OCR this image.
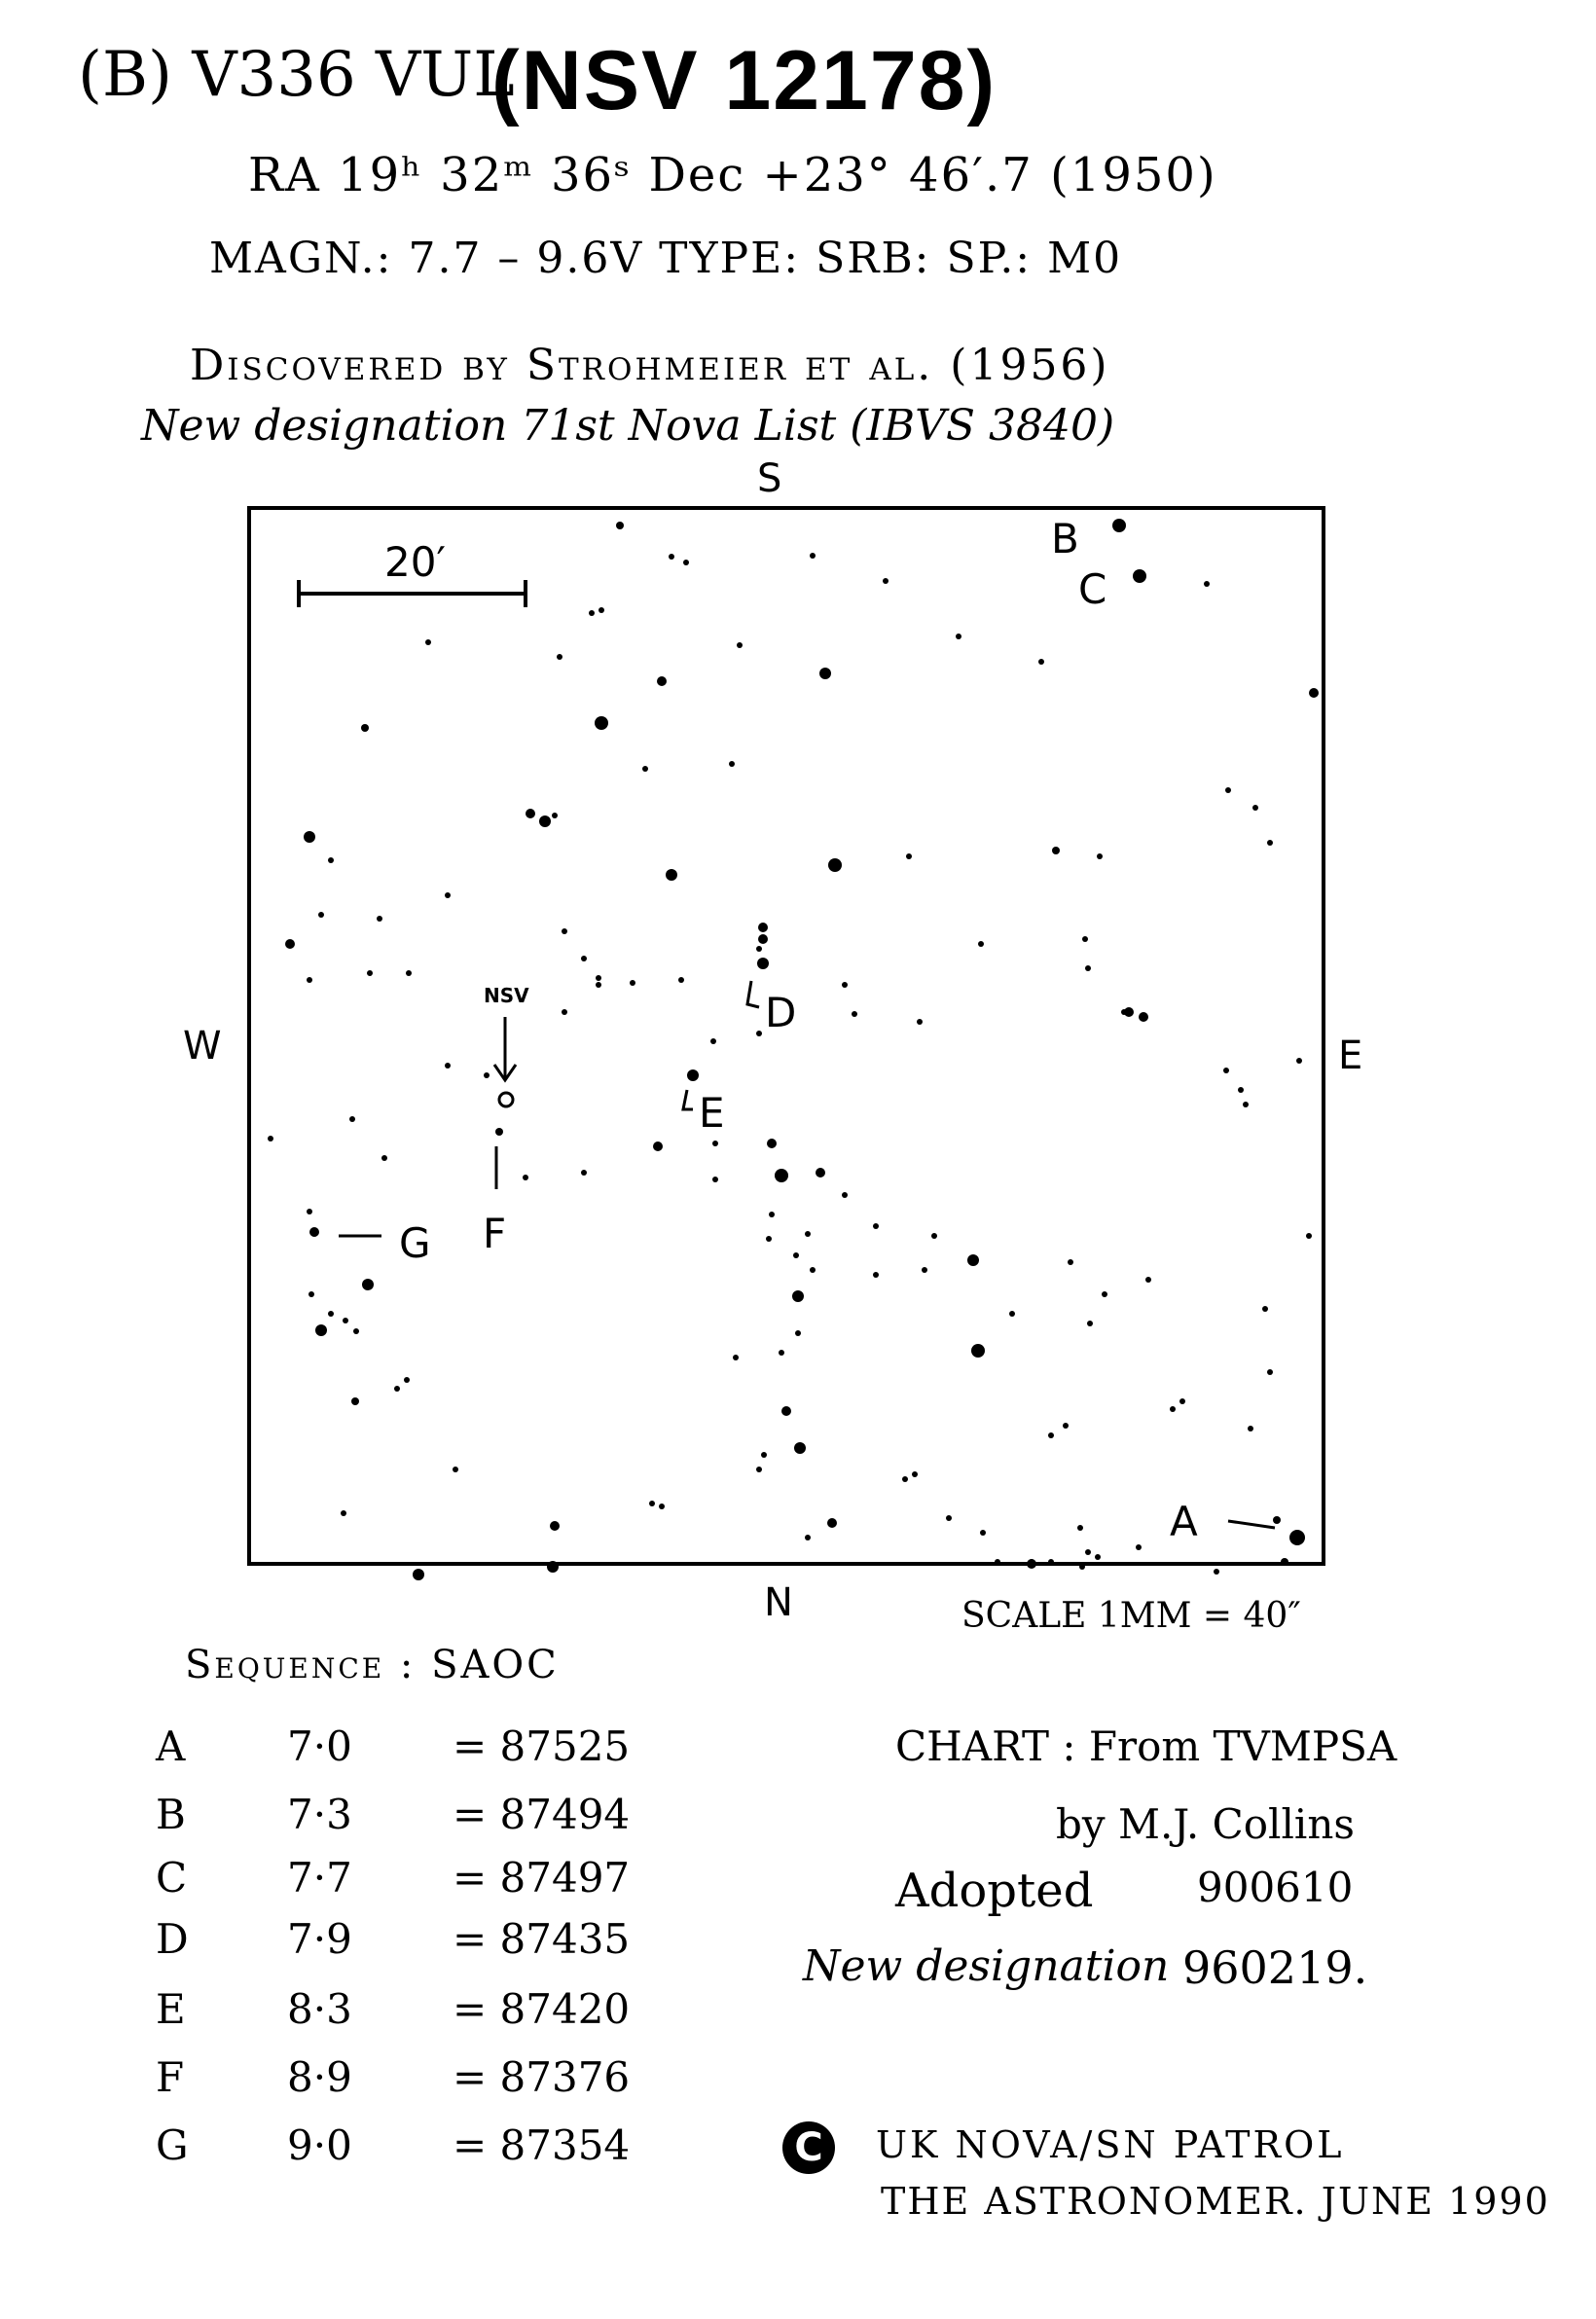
(B) V336 VUL
(NSV 12178)
RA 19ʰ 32ᵐ 36ˢ Dec +23° 46′.7 (1950)
MAGN.: 7.7 – 9.6V TYPE: SRB: SP.: M0
Discovered by Strohmeier et al. (1956)
New designation 71st Nova List (IBVS 3840)
20′
S
N
W	E
NSV
B
C
D
E
F
G
A
SCALE 1MM = 40″
Sequence : SAOC
A 7·0 = 87525
B 7·3 = 87494
C 7·7 = 87497
D 7·9 = 87435
E 8·3 = 87420
F	8·9 = 87376
G 9·0 = 87354
CHART : From TVMPSA
by M.J. Collins
Adopted	900610
New designation 960219.
C	UK NOVA/SN PATROL
THE ASTRONOMER. JUNE 1990
